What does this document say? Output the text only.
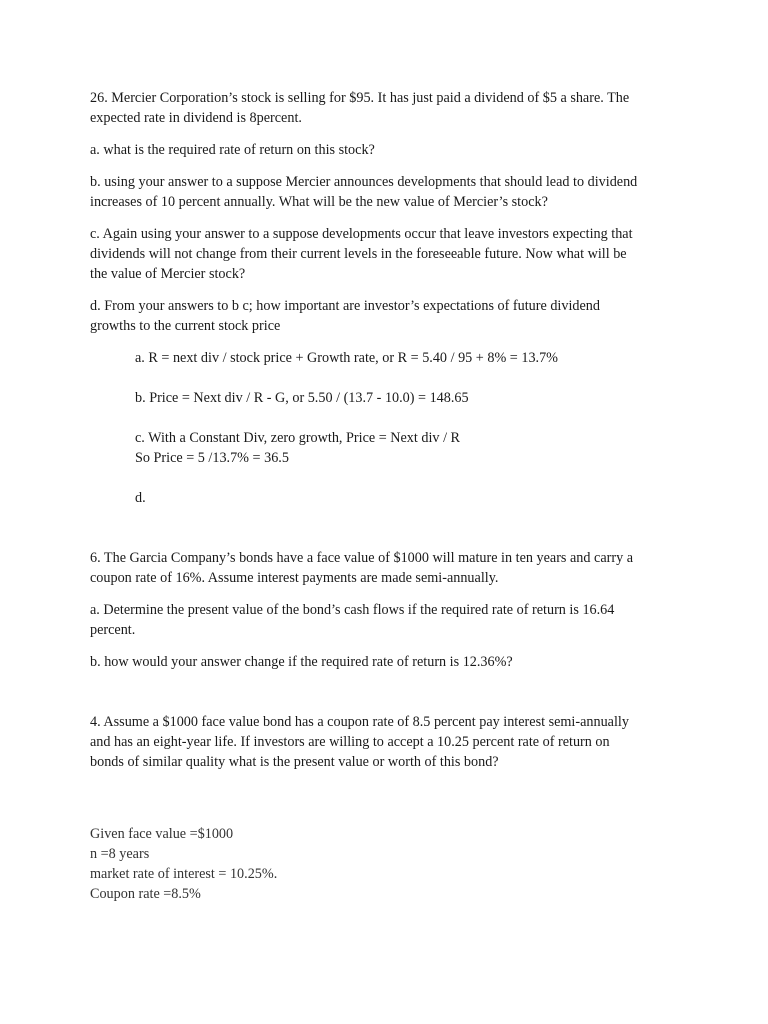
26. Mercier Corporation’s stock is selling for $95. It has just paid a dividend of $5 a share. The
expected rate in dividend is 8percent.
a. what is the required rate of return on this stock?
b. using your answer to a suppose Mercier announces developments that should lead to dividend
increases of 10 percent annually. What will be the new value of Mercier’s stock?
c. Again using your answer to a suppose developments occur that leave investors expecting that
dividends will not change from their current levels in the foreseeable future. Now what will be
the value of Mercier stock?
d. From your answers to b c; how important are investor’s expectations of future dividend
growths to the current stock price
a. R = next div / stock price + Growth rate, or R = 5.40 / 95 + 8% = 13.7%
b. Price = Next div / R - G, or 5.50 / (13.7 - 10.0) = 148.65
c. With a Constant Div, zero growth, Price = Next div / R
So Price = 5 /13.7% = 36.5
d.
6. The Garcia Company’s bonds have a face value of $1000 will mature in ten years and carry a
coupon rate of 16%. Assume interest payments are made semi-annually.
a. Determine the present value of the bond’s cash flows if the required rate of return is 16.64
percent.
b. how would your answer change if the required rate of return is 12.36%?
4. Assume a $1000 face value bond has a coupon rate of 8.5 percent pay interest semi-annually
and has an eight-year life. If investors are willing to accept a 10.25 percent rate of return on
bonds of similar quality what is the present value or worth of this bond?
Given face value =$1000
n =8 years
market rate of interest = 10.25%.
Coupon rate =8.5%
